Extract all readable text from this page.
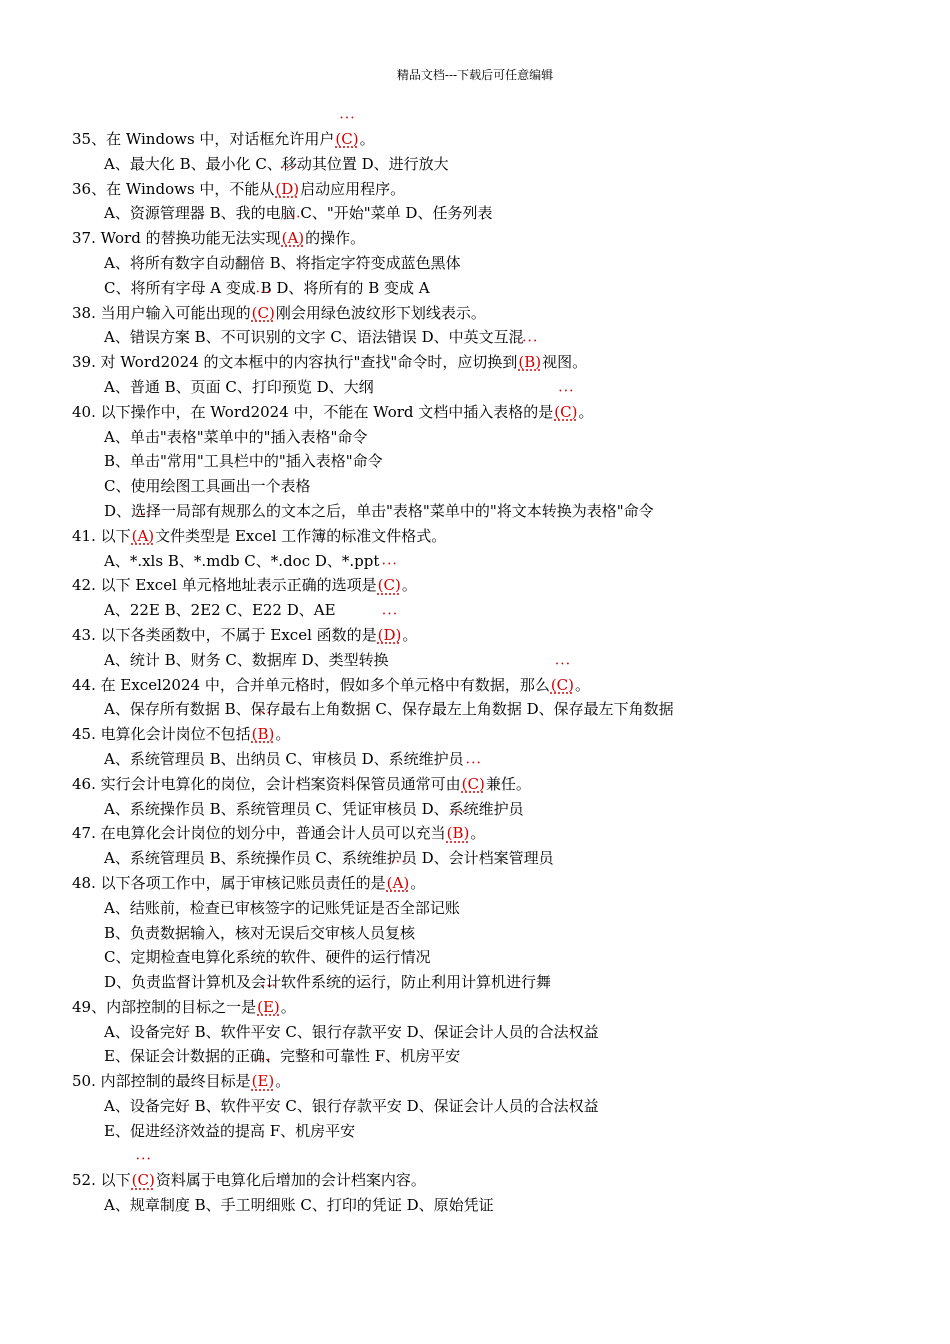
精品文档---下载后可任意编辑
35、在 Windows 中，对话框允许用户• • • (C)。
A、最大化 B、最小化 C、移动其位置 D、进行放大
36、在 Windows 中，不能从• • • (D)启动应用程序。
A、资源管理器 B、我的电脑 C、"开始"菜单 D、任务列表
37. Word 的替换功能无法实现• • • (A)的操作。
A、将所有数字自动翻倍 B、将指定字符变成蓝色黑体
C、将所有字母 A 变成 B D、将所有的 B 变成 A
38. 当用户输入可能出现的• • • (C)刚会用绿色波纹形下划线表示。
A、错误方案 B、不可识别的文字 C、语法错误 D、中英文互混
39. 对 Word2024 的文本框中的内容执行"查找"命令时，应切换到• • • (B)视图。
A、普通 B、页面 C、打印预览 D、大纲
40. 以下操作中，在 Word2024 中，不能在 Word 文档中插入表格的是• • • (C)。
A、单击"表格"菜单中的"插入表格"命令
B、单击"常用"工具栏中的"插入表格"命令
C、使用绘图工具画出一个表格
D、选择一局部有规那么的文本之后，单击"表格"菜单中的"将文本转换为表格"命令
41. 以下• • • (A)文件类型是 Excel 工作簿的标准文件格式。
A、*.xls B、*.mdb C、*.doc D、*.ppt
42. 以下 Excel 单元格地址表示正确的选项是• • • (C)。
A、22E B、2E2 C、E22 D、AE
43. 以下各类函数中，不属于 Excel 函数的是• • • (D)。
A、统计 B、财务 C、数据库 D、类型转换
44. 在 Excel2024 中，合并单元格时，假如多个单元格中有数据，那么• • • (C)。
A、保存所有数据 B、保存最右上角数据 C、保存最左上角数据 D、保存最左下角数据
45. 电算化会计岗位不包括• • • (B)。
A、系统管理员 B、出纳员 C、审核员 D、系统维护员
46. 实行会计电算化的岗位，会计档案资料保管员通常可由• • • (C)兼任。
A、系统操作员 B、系统管理员 C、凭证审核员 D、系统维护员
47. 在电算化会计岗位的划分中，普通会计人员可以充当• • • (B)。
A、系统管理员 B、系统操作员 C、系统维护员 D、会计档案管理员
48. 以下各项工作中，属于审核记账员责任的是• • • (A)。
A、结账前，检查已审核签字的记账凭证是否全部记账
B、负责数据输入，核对无误后交审核人员复核
C、定期检查电算化系统的软件、硬件的运行情况
D、负责监督计算机及会计软件系统的运行，防止利用计算机进行舞
49、内部控制的目标之一是• • • (E)。
A、设备完好 B、软件平安 C、银行存款平安 D、保证会计人员的合法权益
E、保证会计数据的正确、完整和可靠性 F、机房平安
50. 内部控制的最终目标是• • • (E)。
A、设备完好 B、软件平安 C、银行存款平安 D、保证会计人员的合法权益
E、促进经济效益的提高 F、机房平安
52. 以下• • • (C)资料属于电算化后增加的会计档案内容。
A、规章制度 B、手工明细账 C、打印的凭证 D、原始凭证
